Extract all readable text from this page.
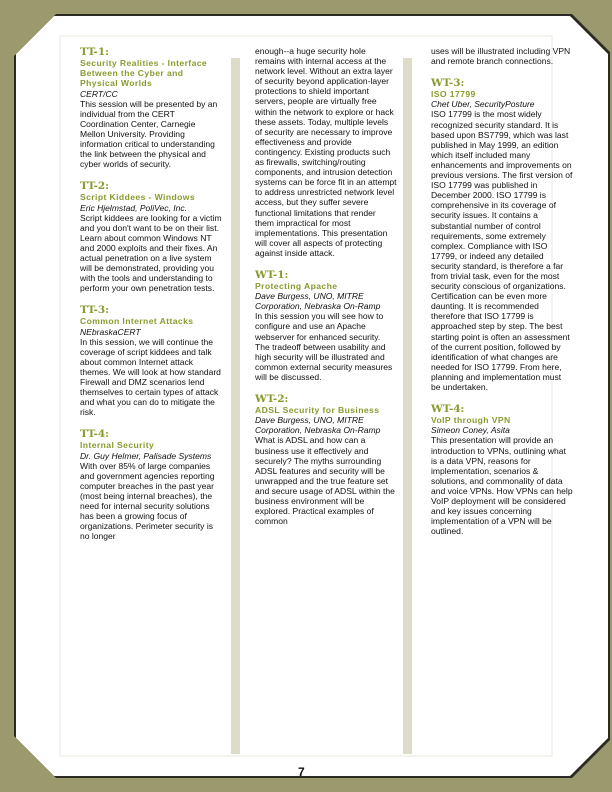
TT-1:
Security Realities - Interface Between the Cyber and Physical Worlds
CERT/CC
This session will be presented by an individual from the CERT Coordination Center, Carnegie Mellon University. Providing information critical to understanding the link between the physical and cyber worlds of security.
TT-2:
Script Kiddees - Windows
Eric Hjelmstad, PoliVec, Inc.
Script kiddees are looking for a victim and you don't want to be on their list. Learn about common Windows NT and 2000 exploits and their fixes. An actual penetration on a live system will be demonstrated, providing you with the tools and understanding to perform your own penetration tests.
TT-3:
Common Internet Attacks
NEbraskaCERT
In this session, we will continue the coverage of script kiddees and talk about common Internet attack themes. We will look at how standard Firewall and DMZ scenarios lend themselves to certain types of attack and what you can do to mitigate the risk.
TT-4:
Internal Security
Dr. Guy Helmer, Palisade Systems
With over 85% of large companies and government agencies reporting computer breaches in the past year (most being internal breaches), the need for internal security solutions has been a growing focus of organizations. Perimeter security is no longer
enough--a huge security hole remains with internal access at the network level. Without an extra layer of security beyond application-layer protections to shield important servers, people are virtually free within the network to explore or hack these assets. Today, multiple levels of security are necessary to improve effectiveness and provide contingency. Existing products such as firewalls, switching/routing components, and intrusion detection systems can be force fit in an attempt to address unrestricted network level access, but they suffer severe functional limitations that render them impractical for most implementations. This presentation will cover all aspects of protecting against inside attack.
WT-1:
Protecting Apache
Dave Burgess, UNO, MITRE Corporation, Nebraska On-Ramp
In this session you will see how to configure and use an Apache webserver for enhanced security. The tradeoff between usability and high security will be illustrated and common external security measures will be discussed.
WT-2:
ADSL Security for Business
Dave Burgess, UNO, MITRE Corporation, Nebraska On-Ramp
What is ADSL and how can a business use it effectively and securely? The myths surrounding ADSL features and security will be unwrapped and the true feature set and secure usage of ADSL within the business environment will be explored. Practical examples of common
uses will be illustrated including VPN and remote branch connections.
WT-3:
ISO 17799
Chet Uber, SecurityPosture
ISO 17799 is the most widely recognized security standard. It is based upon BS7799, which was last published in May 1999, an edition which itself included many enhancements and improvements on previous versions. The first version of ISO 17799 was published in December 2000. ISO 17799 is comprehensive in its coverage of security issues. It contains a substantial number of control requirements, some extremely complex. Compliance with ISO 17799, or indeed any detailed security standard, is therefore a far from trivial task, even for the most security conscious of organizations. Certification can be even more daunting. It is recommended therefore that ISO 17799 is approached step by step. The best starting point is often an assessment of the current position, followed by identification of what changes are needed for ISO 17799. From here, planning and implementation must be undertaken.
WT-4:
VoIP through VPN
Simeon Coney, Asita
This presentation will provide an introduction to VPNs, outlining what is a data VPN, reasons for implementation, scenarios & solutions, and commonality of data and voice VPNs. How VPNs can help VoIP deployment will be considered and key issues concerning implementation of a VPN will be outlined.
7
